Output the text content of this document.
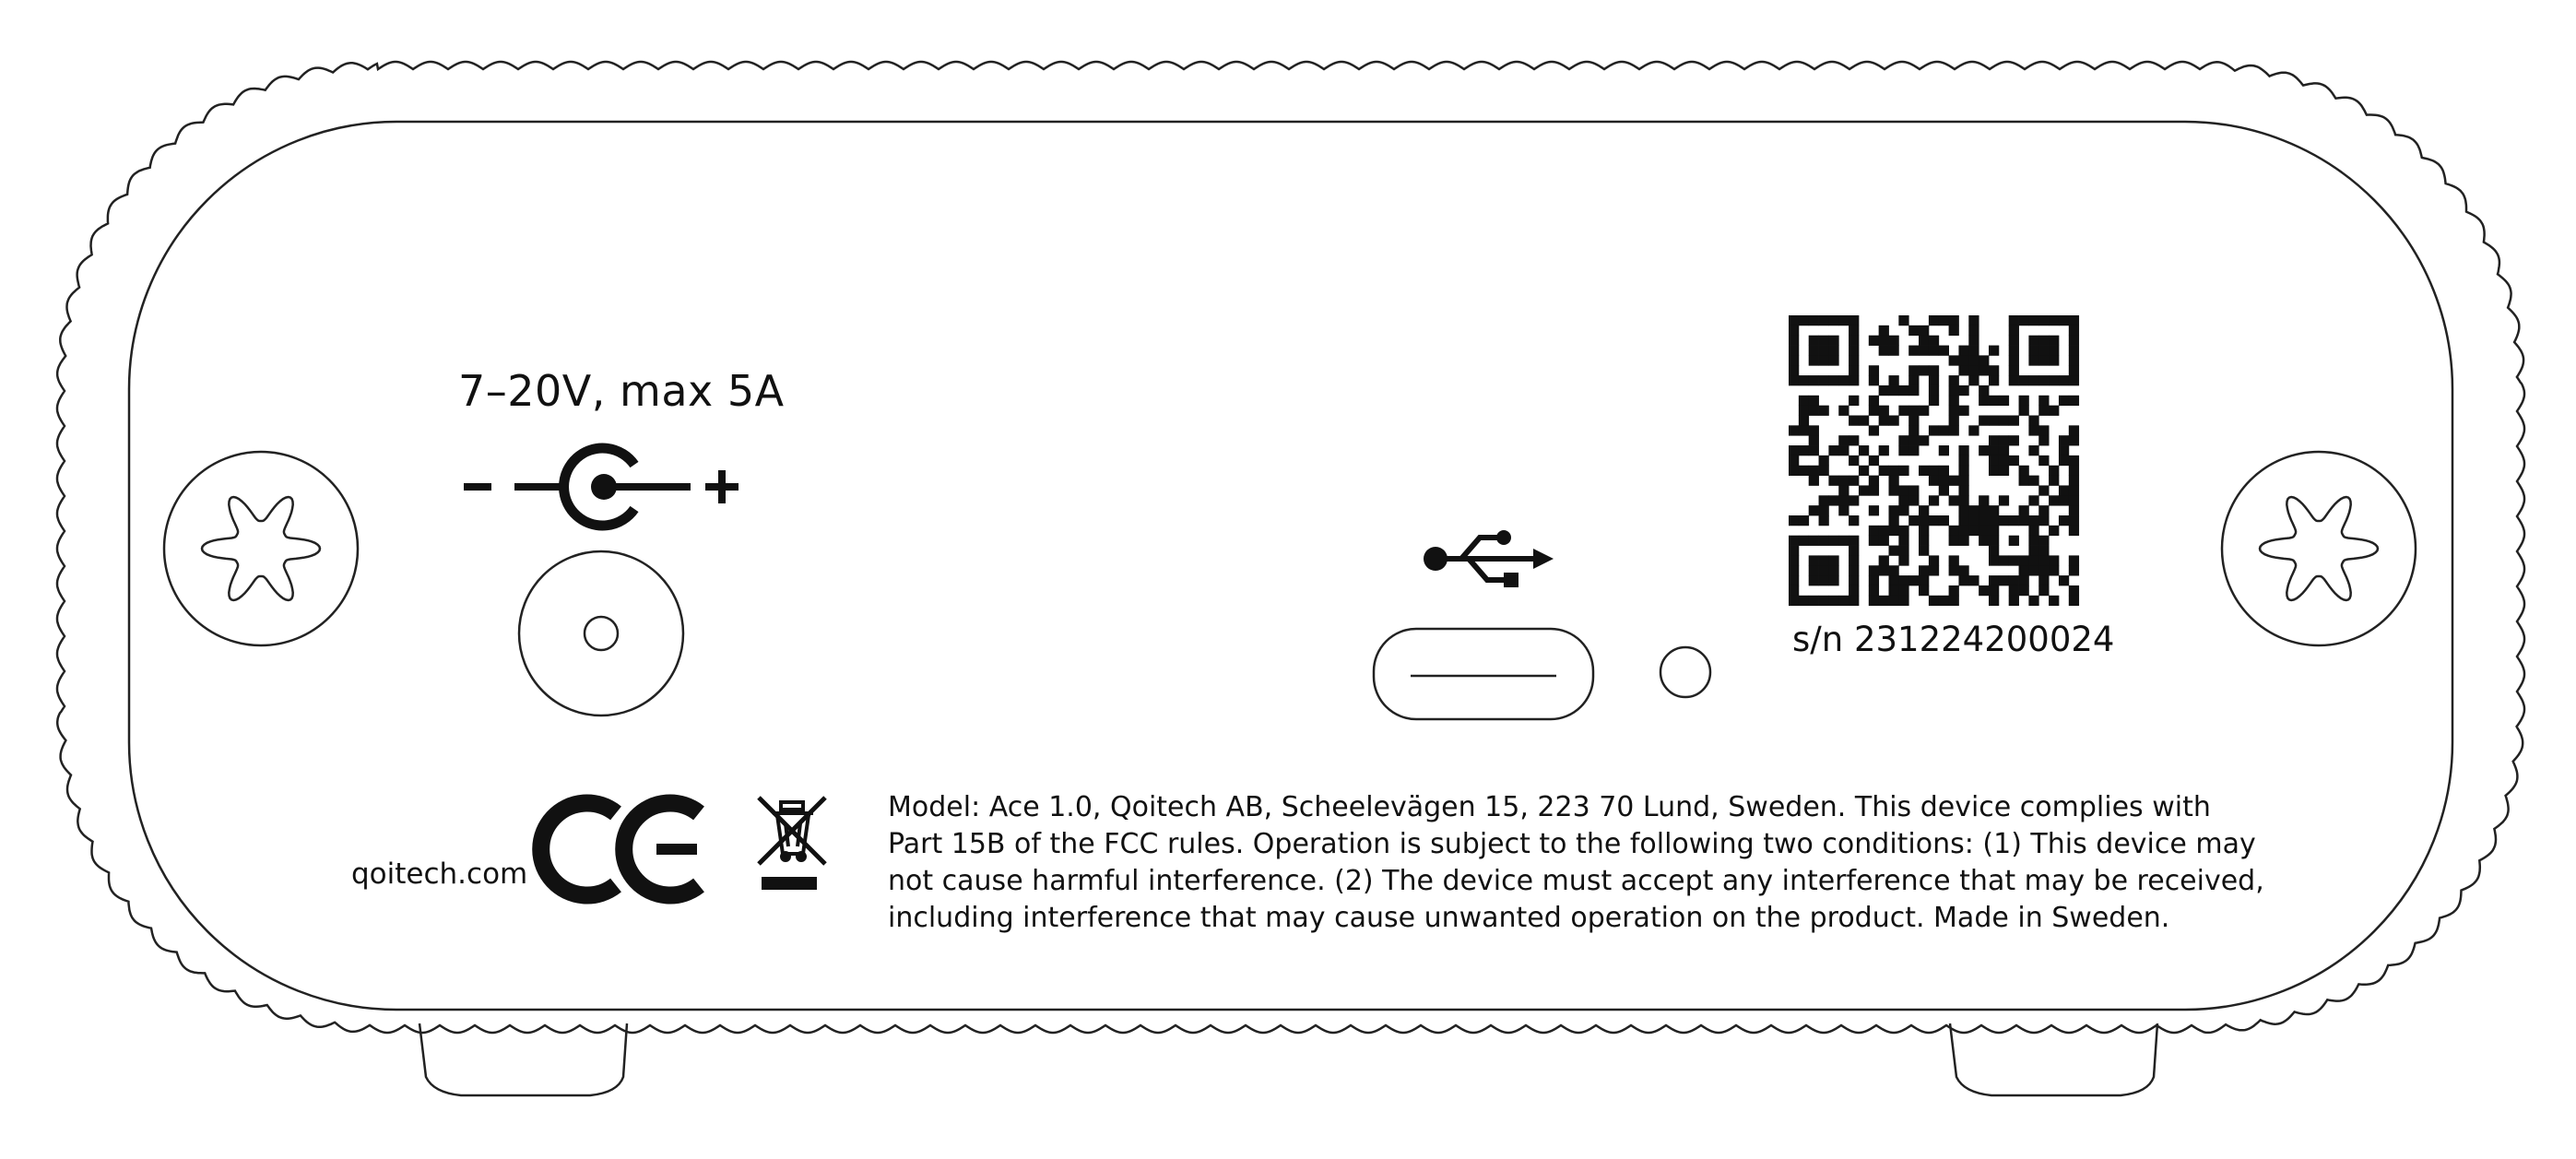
7–20V, max 5A
s/n 231224200024
qoitech.com
Model: Ace 1.0, Qoitech AB, Scheelevägen 15, 223 70 Lund, Sweden. This device complies with
Part 15B of the FCC rules. Operation is subject to the following two conditions: (1) This device may
not cause harmful interference. (2) The device must accept any interference that may be received,
including interference that may cause unwanted operation on the product. Made in Sweden.
